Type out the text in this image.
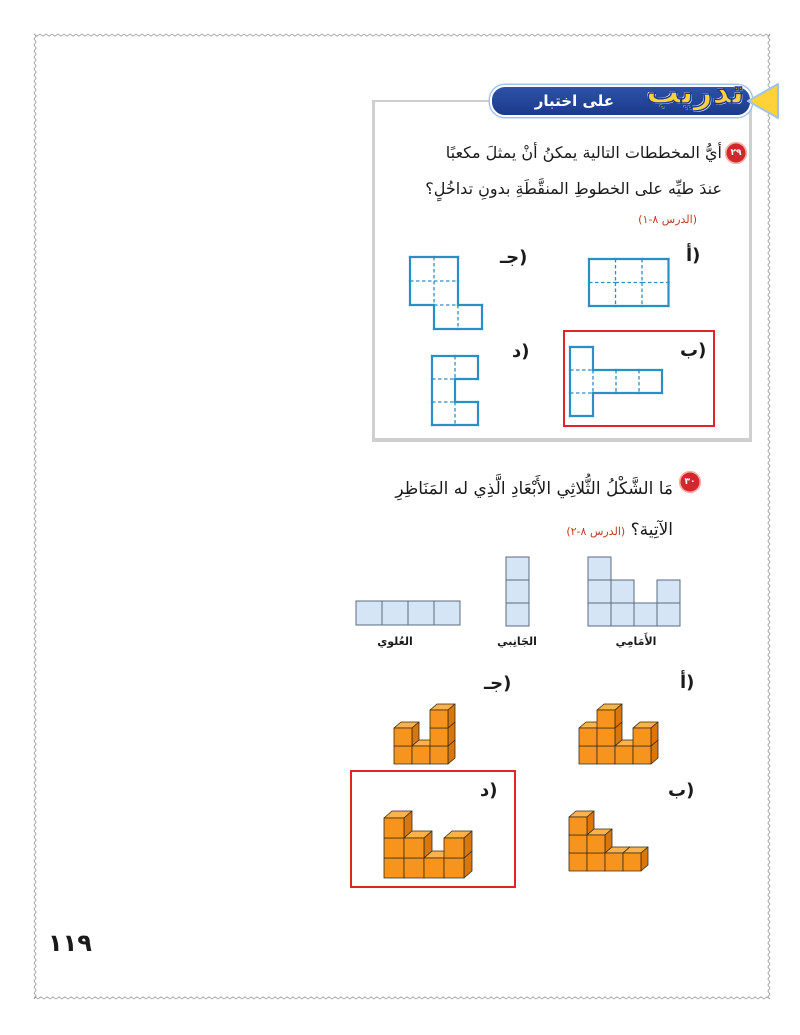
على اختبار تدريب
٢٩
أيُّ المخططات التالية يمكنُ أنْ يمثلَ مكعبًا
عندَ طيِّه على الخطوطِ المنقَّطَةِ بدونِ تداخُلٍ؟
(الدرس ٨-١)
أ)
جـ)
ب)
د)
٣٠
مَا الشَّكْلُ الثُّلاثِي الأَبْعَادِ الَّذِي له المَنَاظِرِ
الآتِية؟ (الدرس ٨-٢)
الأَمَامِي
الجَانِبي
العُلوي
أ)
جـ)
ب)
د)
١١٩
